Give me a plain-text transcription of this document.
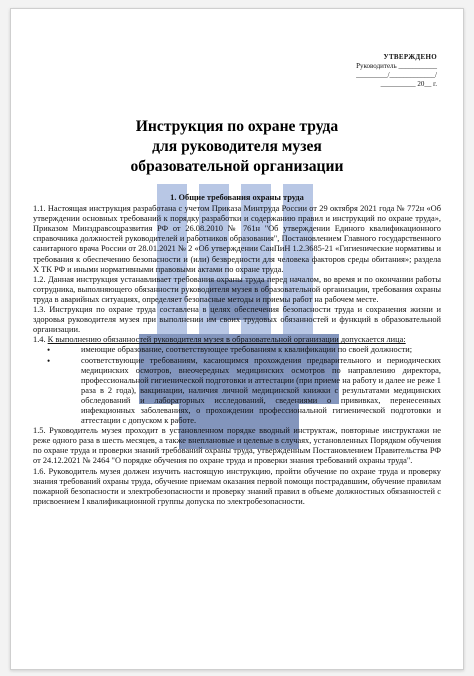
УТВЕРЖДЕНО
Руководитель ___________
_________/_____________/
__________ 20__ г.
Инструкция по охране труда
для руководителя музея
образовательной организации
1. Общие требования охраны труда

1.1. Настоящая инструкция разработана с учетом Приказа Минтруда России от 29 октября 2021 года № 772н «Об утверждении основных требований к порядку разработки и содержанию правил и инструкций по охране труда», Приказом Минздравсоцразвития РФ от 26.08.2010 № 761н "Об утверждении Единого квалификационного справочника должностей руководителей и работников образования", Постановлением Главного государственного санитарного врача России от 28.01.2021 № 2 «Об утверждении СанПиН 1.2.3685-21 «Гигиенические нормативы и требования к обеспечению безопасности и (или) безвредности для человека факторов среды обитания»; раздела Х ТК РФ и иными нормативными правовыми актами по охране труда.

1.2. Данная инструкция устанавливает требования охраны труда перед началом, во время и по окончании работы сотрудника, выполняющего обязанности руководителя музея в образовательной организации, требования охраны труда в аварийных ситуациях, определяет безопасные методы и приемы работ на рабочем месте.

1.3. Инструкция по охране труда составлена в целях обеспечения безопасности труда и сохранения жизни и здоровья руководителя музея при выполнении им своих трудовых обязанностей и функций в образовательной организации.

1.4. К выполнению обязанностей руководителя музея в образовательной организации допускается лица:

• имеющие образование, соответствующее требованиям к квалификации по своей должности;
• соответствующие требованиям, касающимся прохождения предварительного и периодических медицинских осмотров, внеочередных медицинских осмотров по направлению директора, профессиональной гигиенической подготовки и аттестации (при приеме на работу и далее не реже 1 раза в 2 года), вакцинации, наличия личной медицинской книжки с результатами медицинских обследований и лабораторных исследований, сведениями о прививках, перенесенных инфекционных заболеваниях, о прохождении профессиональной гигиенической подготовки и аттестации с допуском к работе.

1.5. Руководитель музея проходит в установленном порядке вводный инструктаж, повторные инструктажи не реже одного раза в шесть месяцев, а также внеплановые и целевые в случаях, установленных Порядком обучения по охране труда и проверки знаний требований охраны труда, утвержденным Постановлением Правительства РФ от 24.12.2021 № 2464 "О порядке обучения по охране труда и проверки знания требований охраны труда".

1.6. Руководитель музея должен изучить настоящую инструкцию, пройти обучение по охране труда и проверку знания требований охраны труда, обучение приемам оказания первой помощи пострадавшим, обучение правилам пожарной безопасности и электробезопасности и проверку знаний правил в объеме должностных обязанностей с присвоением I квалификационной группы допуска по электробезопасности.
